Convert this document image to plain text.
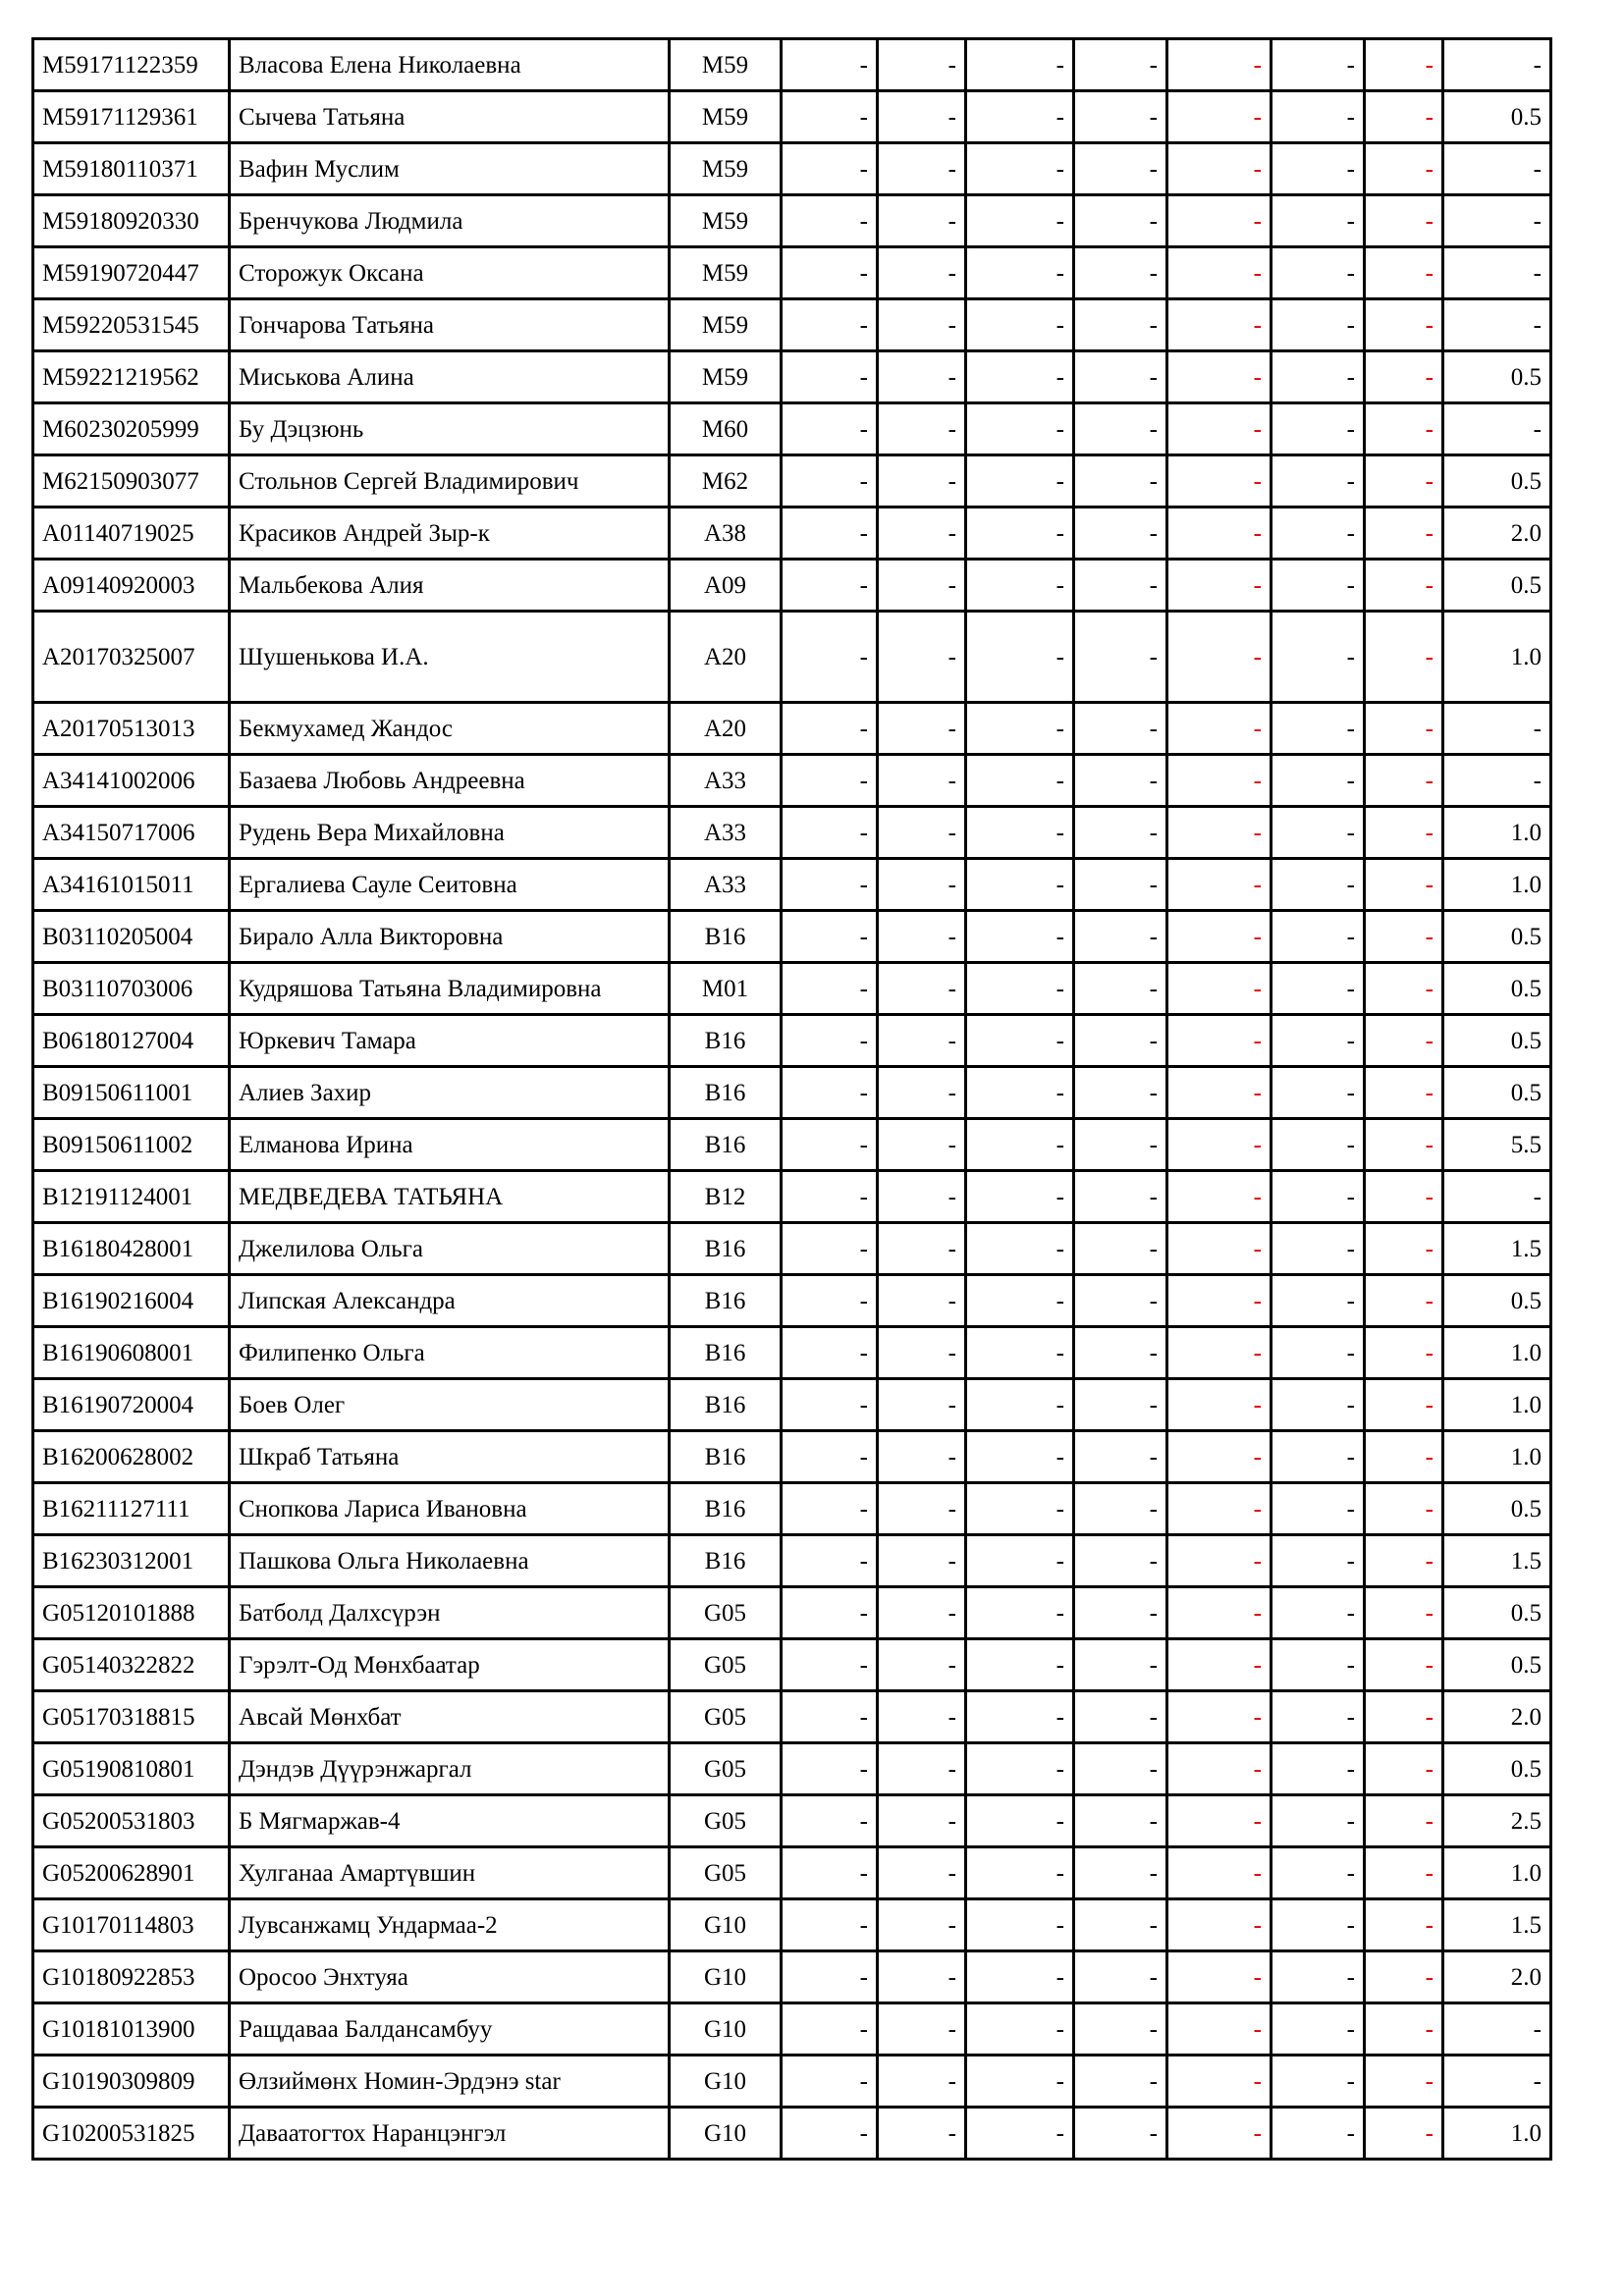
M59171122359	Власова Елена Николаевна	M59	-	-	-	-	-	-	-	-
M59171129361	Сычева Татьяна	M59	-	-	-	-	-	-	-	0.5
M59180110371	Вафин Муслим	M59	-	-	-	-	-	-	-	-
M59180920330	Бренчукова Людмила	M59	-	-	-	-	-	-	-	-
M59190720447	Сторожук Оксана	M59	-	-	-	-	-	-	-	-
M59220531545	Гончарова Татьяна	M59	-	-	-	-	-	-	-	-
M59221219562	Миськова Алина	M59	-	-	-	-	-	-	-	0.5
M60230205999	Бу Дэцзюнь	M60	-	-	-	-	-	-	-	-
M62150903077	Стольнов Сергей Владимирович	M62	-	-	-	-	-	-	-	0.5
A01140719025	Красиков Андрей Зыр-к	A38	-	-	-	-	-	-	-	2.0
A09140920003	Мальбекова Алия	A09	-	-	-	-	-	-	-	0.5
A20170325007	Шушенькова И.А.	A20	-	-	-	-	-	-	-	1.0
A20170513013	Бекмухамед Жандос	A20	-	-	-	-	-	-	-	-
A34141002006	Базаева Любовь Андреевна	A33	-	-	-	-	-	-	-	-
A34150717006	Рудень Вера Михайловна	A33	-	-	-	-	-	-	-	1.0
A34161015011	Ергалиева Сауле Сеитовна	A33	-	-	-	-	-	-	-	1.0
B03110205004	Бирало Алла Викторовна	B16	-	-	-	-	-	-	-	0.5
B03110703006	Кудряшова Татьяна Владимировна	M01	-	-	-	-	-	-	-	0.5
B06180127004	Юркевич Тамара	B16	-	-	-	-	-	-	-	0.5
B09150611001	Алиев Захир	B16	-	-	-	-	-	-	-	0.5
B09150611002	Елманова Ирина	B16	-	-	-	-	-	-	-	5.5
B12191124001	МЕДВЕДЕВА ТАТЬЯНА	B12	-	-	-	-	-	-	-	-
B16180428001	Джелилова Ольга	B16	-	-	-	-	-	-	-	1.5
B16190216004	Липская Александра	B16	-	-	-	-	-	-	-	0.5
B16190608001	Филипенко Ольга	B16	-	-	-	-	-	-	-	1.0
B16190720004	Боев Олег	B16	-	-	-	-	-	-	-	1.0
B16200628002	Шкраб Татьяна	B16	-	-	-	-	-	-	-	1.0
B16211127111	Снопкова Лариса Ивановна	B16	-	-	-	-	-	-	-	0.5
B16230312001	Пашкова Ольга Николаевна	B16	-	-	-	-	-	-	-	1.5
G05120101888	Батболд Далхсүрэн	G05	-	-	-	-	-	-	-	0.5
G05140322822	Гэрэлт-Од Мөнхбаатар	G05	-	-	-	-	-	-	-	0.5
G05170318815	Авсай Мөнхбат	G05	-	-	-	-	-	-	-	2.0
G05190810801	Дэндэв Дүүрэнжаргал	G05	-	-	-	-	-	-	-	0.5
G05200531803	Б Мягмаржав-4	G05	-	-	-	-	-	-	-	2.5
G05200628901	Хулганаа Амартүвшин	G05	-	-	-	-	-	-	-	1.0
G10170114803	Лувсанжамц Ундармаа-2	G10	-	-	-	-	-	-	-	1.5
G10180922853	Оросоо Энхтуяа	G10	-	-	-	-	-	-	-	2.0
G10181013900	Ращдаваа Балдансамбуу	G10	-	-	-	-	-	-	-	-
G10190309809	Өлзиймөнх Номин-Эрдэнэ star	G10	-	-	-	-	-	-	-	-
G10200531825	Даваатогтох Наранцэнгэл	G10	-	-	-	-	-	-	-	1.0
